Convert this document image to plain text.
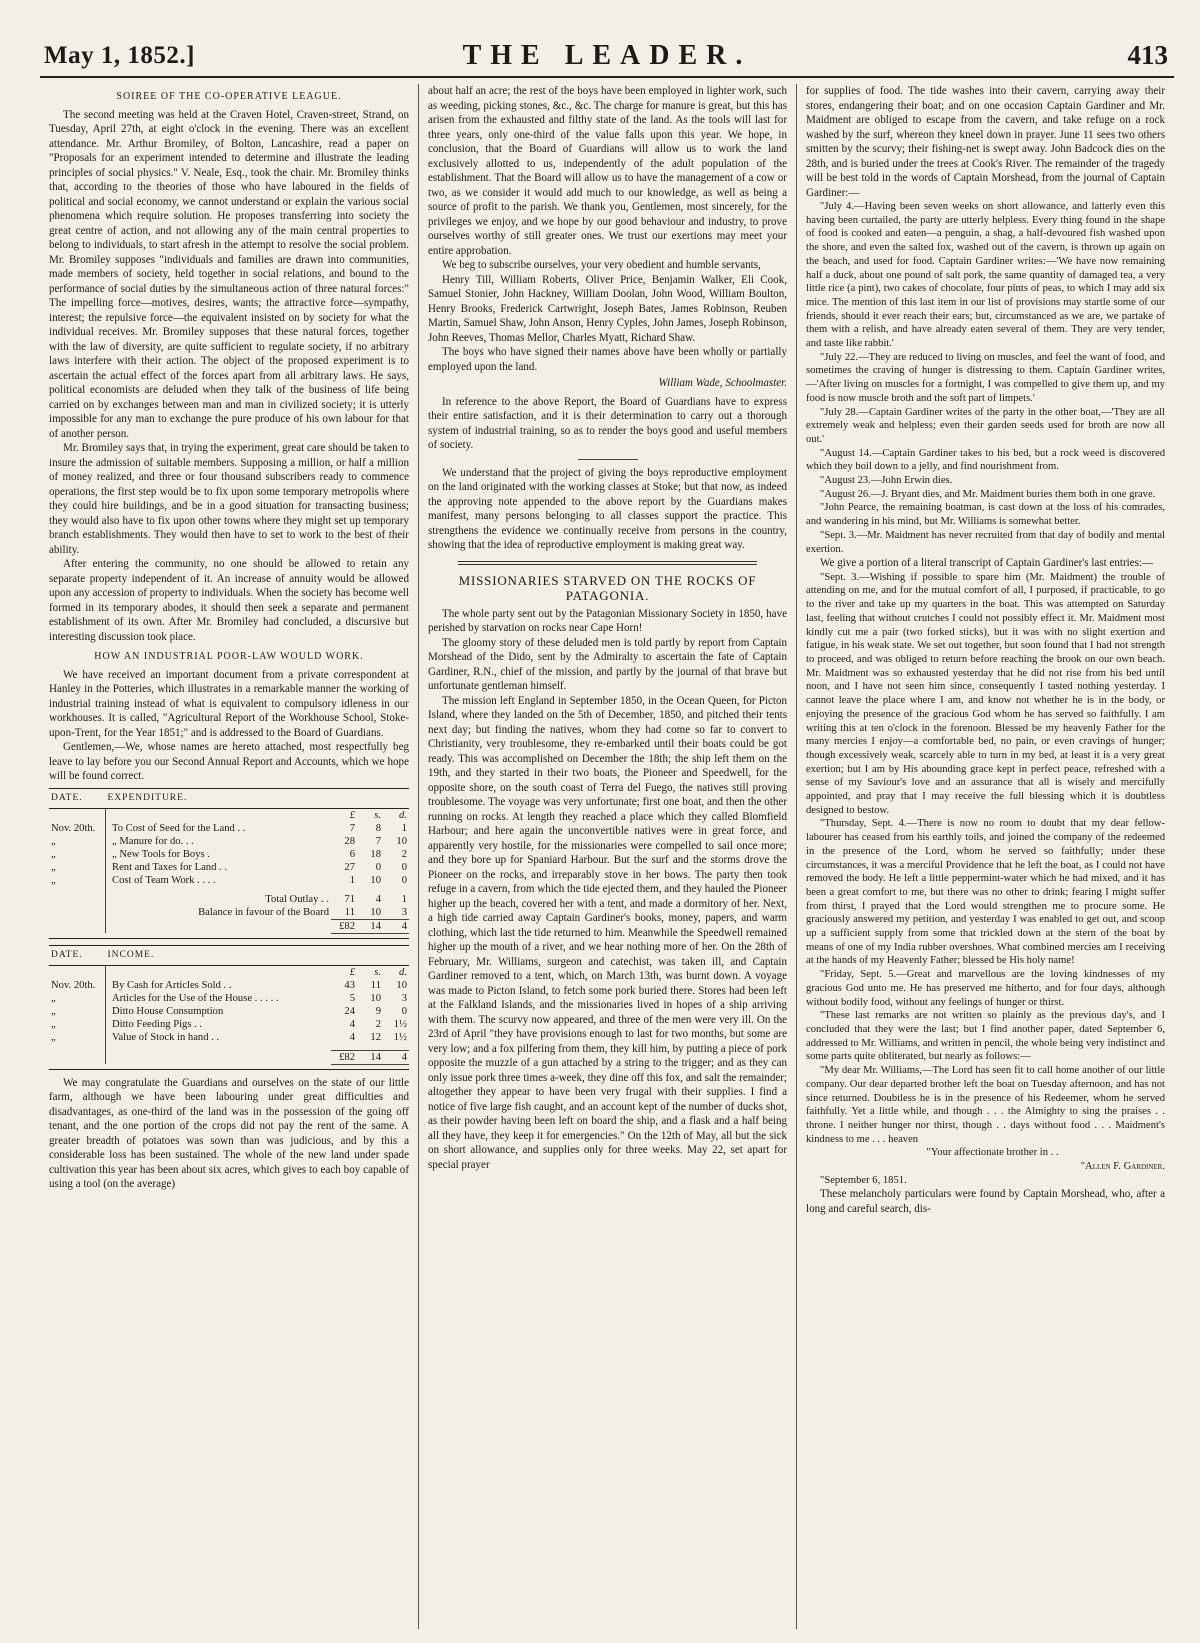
May 1, 1852.]	THE LEADER.	413
SOIREE OF THE CO-OPERATIVE LEAGUE.

The second meeting was held at the Craven Hotel, Craven-street, Strand, on Tuesday, April 27th, at eight o'clock in the evening. There was an excellent attendance. Mr. Arthur Bromiley, of Bolton, Lancashire, read a paper on "Proposals for an experiment intended to determine and illustrate the leading principles of social physics." V. Neale, Esq., took the chair. Mr. Bromiley thinks that, according to the theories of those who have laboured in the fields of political and social economy, we cannot understand or explain the various social phenomena which require solution. He proposes transferring into society the great centre of action, and not allowing any of the main central properties to belong to individuals, to start afresh in the attempt to resolve the social problem. Mr. Bromiley supposes "individuals and families are drawn into communities, made members of society, held together in social relations, and bound to the performance of social duties by the simultaneous action of three natural forces:" The impelling force—motives, desires, wants; the attractive force—sympathy, interest; the repulsive force—the equivalent insisted on by society for what the individual receives. Mr. Bromiley supposes that these natural forces, together with the law of diversity, are quite sufficient to regulate society, if no arbitrary laws interfere with their action. The object of the proposed experiment is to ascertain the actual effect of the forces apart from all arbitrary laws. He says, political economists are deluded when they talk of the business of life being carried on by exchanges between man and man in civilized society; it is utterly impossible for any man to exchange the pure produce of his own labour for that of another person.

Mr. Bromiley says that, in trying the experiment, great care should be taken to insure the admission of suitable members. Supposing a million, or half a million of money realized, and three or four thousand subscribers ready to commence operations, the first step would be to fix upon some temporary metropolis where they could hire buildings, and be in a good situation for transacting business; they would also have to fix upon other towns where they might set up temporary branch establishments. They would then have to set to work to the best of their ability.

After entering the community, no one should be allowed to retain any separate property independent of it. An increase of annuity would be allowed upon any accession of property to individuals. When the society has become well formed in its temporary abodes, it should then seek a separate and permanent establishment of its own. After Mr. Bromiley had concluded, a discursive but interesting discussion took place.

HOW AN INDUSTRIAL POOR-LAW WOULD WORK.

We have received an important document from a private correspondent at Hanley in the Potteries, which illustrates in a remarkable manner the working of industrial training instead of what is equivalent to compulsory idleness in our workhouses. It is called, "Agricultural Report of the Workhouse School, Stoke-upon-Trent, for the Year 1851;" and is addressed to the Board of Guardians.

Gentlemen,—We, whose names are hereto attached, most respectfully beg leave to lay before you our Second Annual Report and Accounts, which we hope will be found correct.

DATE.	EXPENDITURE.			
		£	s.	d.
Nov. 20th.	To Cost of Seed for the Land . .	7	8	1
„	„ Manure for do. . .	28	7	10
„	„ New Tools for Boys .	6	18	2
„	Rent and Taxes for Land . .	27	0	0
„	Cost of Team Work . . . .	1	10	0

	Total Outlay . .	71	4	1
	Balance in favour of the Board	11	10	3
		£82	14	4
DATE.	INCOME.			
		£	s.	d.
Nov. 20th.	By Cash for Articles Sold . .	43	11	10
„	Articles for the Use of the House . . . . .	5	10	3
„	Ditto House Consumption	24	9	0
„	Ditto Feeding Pigs . .	4	2	1½
„	Value of Stock in hand . .	4	12	1½

		£82	14	4

We may congratulate the Guardians and ourselves on the state of our little farm, although we have been labouring under great difficulties and disadvantages, as one-third of the land was in the possession of the going off tenant, and the one portion of the crops did not pay the rent of the same. A greater breadth of potatoes was sown than was judicious, and by this a considerable loss has been sustained. The whole of the new land under spade cultivation this year has been about six acres, which gives to each boy capable of using a tool (on the average)

about half an acre; the rest of the boys have been employed in lighter work, such as weeding, picking stones, &c., &c. The charge for manure is great, but this has arisen from the exhausted and filthy state of the land. As the tools will last for three years, only one-third of the value falls upon this year. We hope, in conclusion, that the Board of Guardians will allow us to work the land exclusively allotted to us, independently of the adult population of the establishment. That the Board will allow us to have the management of a cow or two, as we consider it would add much to our knowledge, as well as being a source of profit to the parish. We thank you, Gentlemen, most sincerely, for the privileges we enjoy, and we hope by our good behaviour and industry, to prove ourselves worthy of still greater ones. We trust our exertions may meet your entire approbation.

We beg to subscribe ourselves, your very obedient and humble servants,

Henry Till, William Roberts, Oliver Price, Benjamin Walker, Eli Cook, Samuel Stonier, John Hackney, William Doolan, John Wood, William Boulton, Henry Brooks, Frederick Cartwright, Joseph Bates, James Robinson, Reuben Martin, Samuel Shaw, John Anson, Henry Cyples, John James, Joseph Robinson, John Reeves, Thomas Mellor, Charles Myatt, Richard Shaw.

The boys who have signed their names above have been wholly or partially employed upon the land.

William Wade, Schoolmaster.

In reference to the above Report, the Board of Guardians have to express their entire satisfaction, and it is their determination to carry out a thorough system of industrial training, so as to render the boys good and useful members of society.

We understand that the project of giving the boys reproductive employment on the land originated with the working classes at Stoke; but that now, as indeed the approving note appended to the above report by the Guardians makes manifest, many persons belonging to all classes support the practice. This strengthens the evidence we continually receive from persons in the country, showing that the idea of reproductive employment is making great way.

MISSIONARIES STARVED ON THE ROCKS OF PATAGONIA.

The whole party sent out by the Patagonian Missionary Society in 1850, have perished by starvation on rocks near Cape Horn!

The gloomy story of these deluded men is told partly by report from Captain Morshead of the Dido, sent by the Admiralty to ascertain the fate of Captain Gardiner, R.N., chief of the mission, and partly by the journal of that brave but unfortunate gentleman himself.

The mission left England in September 1850, in the Ocean Queen, for Picton Island, where they landed on the 5th of December, 1850, and pitched their tents next day; but finding the natives, whom they had come so far to convert to Christianity, very troublesome, they re-embarked until their boats could be got ready. This was accomplished on December the 18th; the ship left them on the 19th, and they started in their two boats, the Pioneer and Speedwell, for the opposite shore, on the south coast of Terra del Fuego, the natives still proving troublesome. The voyage was very unfortunate; first one boat, and then the other running on rocks. At length they reached a place which they called Blomfield Harbour; and here again the unconvertible natives were in great force, and apparently very hostile, for the missionaries were compelled to sail once more; and they bore up for Spaniard Harbour. But the surf and the storms drove the Pioneer on the rocks, and irreparably stove in her bows. The party then took refuge in a cavern, from which the tide ejected them, and they hauled the Pioneer higher up the beach, covered her with a tent, and made a dormitory of her. Next, a high tide carried away Captain Gardiner's books, money, papers, and warm clothing, which last the tide returned to him. Meanwhile the Speedwell remained higher up the mouth of a river, and we hear nothing more of her. On the 28th of February, Mr. Williams, surgeon and catechist, was taken ill, and Captain Gardiner removed to a tent, which, on March 13th, was burnt down. A voyage was made to Picton Island, to fetch some pork buried there. Stores had been left at the Falkland Islands, and the missionaries lived in hopes of a ship arriving with them. The scurvy now appeared, and three of the men were very ill. On the 23rd of April "they have provisions enough to last for two months, but some are very low; and a fox pilfering from them, they kill him, by putting a piece of pork opposite the muzzle of a gun attached by a string to the trigger; and as they can only issue pork three times a-week, they dine off this fox, and salt the remainder; altogether they appear to have been very frugal with their supplies. I find a notice of five large fish caught, and an account kept of the number of ducks shot, as their powder having been left on board the ship, and a flask and a half being all they have, they keep it for emergencies." On the 12th of May, all but the sick on short allowance, and supplies only for three weeks. May 22, set apart for special prayer

for supplies of food. The tide washes into their cavern, carrying away their stores, endangering their boat; and on one occasion Captain Gardiner and Mr. Maidment are obliged to escape from the cavern, and take refuge on a rock washed by the surf, whereon they kneel down in prayer. June 11 sees two others smitten by the scurvy; their fishing-net is swept away. John Badcock dies on the 28th, and is buried under the trees at Cook's River. The remainder of the tragedy will be best told in the words of Captain Morshead, from the journal of Captain Gardiner:—

"July 4.—Having been seven weeks on short allowance, and latterly even this having been curtailed, the party are utterly helpless. Every thing found in the shape of food is cooked and eaten—a penguin, a shag, a half-devoured fish washed upon the shore, and even the salted fox, washed out of the cavern, is thrown up again on the beach, and used for food. Captain Gardiner writes:—'We have now remaining half a duck, about one pound of salt pork, the same quantity of damaged tea, a very little rice (a pint), two cakes of chocolate, four pints of peas, to which I may add six mice. The mention of this last item in our list of provisions may startle some of our friends, should it ever reach their ears; but, circumstanced as we are, we partake of them with a relish, and have already eaten several of them. They are very tender, and taste like rabbit.'

"July 22.—They are reduced to living on muscles, and feel the want of food, and sometimes the craving of hunger is distressing to them. Captain Gardiner writes,—'After living on muscles for a fortnight, I was compelled to give them up, and my food is now muscle broth and the soft part of limpets.'

"July 28.—Captain Gardiner writes of the party in the other boat,—'They are all extremely weak and helpless; even their garden seeds used for broth are now all out.'

"August 14.—Captain Gardiner takes to his bed, but a rock weed is discovered which they boil down to a jelly, and find nourishment from.

"August 23.—John Erwin dies.

"August 26.—J. Bryant dies, and Mr. Maidment buries them both in one grave.

"John Pearce, the remaining boatman, is cast down at the loss of his comrades, and wandering in his mind, but Mr. Williams is somewhat better.

"Sept. 3.—Mr. Maidment has never recruited from that day of bodily and mental exertion.

We give a portion of a literal transcript of Captain Gardiner's last entries:—

"Sept. 3.—Wishing if possible to spare him (Mr. Maidment) the trouble of attending on me, and for the mutual comfort of all, I purposed, if practicable, to go to the river and take up my quarters in the boat. This was attempted on Saturday last, feeling that without crutches I could not possibly effect it. Mr. Maidment most kindly cut me a pair (two forked sticks), but it was with no slight exertion and fatigue, in his weak state. We set out together, but soon found that I had not strength to proceed, and was obliged to return before reaching the brook on our own beach. Mr. Maidment was so exhausted yesterday that he did not rise from his bed until noon, and I have not seen him since, consequently I tasted nothing yesterday. I cannot leave the place where I am, and know not whether he is in the body, or enjoying the presence of the gracious God whom he has served so faithfully. I am writing this at ten o'clock in the forenoon. Blessed be my heavenly Father for the many mercies I enjoy—a comfortable bed, no pain, or even cravings of hunger; though excessively weak, scarcely able to turn in my bed, at least it is a very great exertion; but I am by His abounding grace kept in perfect peace, refreshed with a sense of my Saviour's love and an assurance that all is wisely and mercifully appointed, and pray that I may receive the full blessing which it is doubtless designed to bestow.

"Thursday, Sept. 4.—There is now no room to doubt that my dear fellow-labourer has ceased from his earthly toils, and joined the company of the redeemed in the presence of the Lord, whom he served so faithfully; under these circumstances, it was a merciful Providence that he left the boat, as I could not have removed the body. He left a little peppermint-water which he had mixed, and it has been a great comfort to me, but there was no other to drink; fearing I might suffer from thirst, I prayed that the Lord would strengthen me to procure some. He graciously answered my petition, and yesterday I was enabled to get out, and scoop up a sufficient supply from some that trickled down at the stern of the boat by means of one of my India rubber overshoes. What combined mercies am I receiving at the hands of my Heavenly Father; blessed be His holy name!

"Friday, Sept. 5.—Great and marvellous are the loving kindnesses of my gracious God unto me. He has preserved me hitherto, and for four days, although without bodily food, without any feelings of hunger or thirst.

"These last remarks are not written so plainly as the previous day's, and I concluded that they were the last; but I find another paper, dated September 6, addressed to Mr. Williams, and written in pencil, the whole being very indistinct and some parts quite obliterated, but nearly as follows:—

"My dear Mr. Williams,—The Lord has seen fit to call home another of our little company. Our dear departed brother left the boat on Tuesday afternoon, and has not since returned. Doubtless he is in the presence of his Redeemer, whom he served faithfully. Yet a little while, and though . . . the Almighty to sing the praises . . throne. I neither hunger nor thirst, though . . days without food . . . Maidment's kindness to me . . . heaven

"Your affectionate brother in . .

"Allen F. Gardiner.

"September 6, 1851.

These melancholy particulars were found by Captain Morshead, who, after a long and careful search, dis-
